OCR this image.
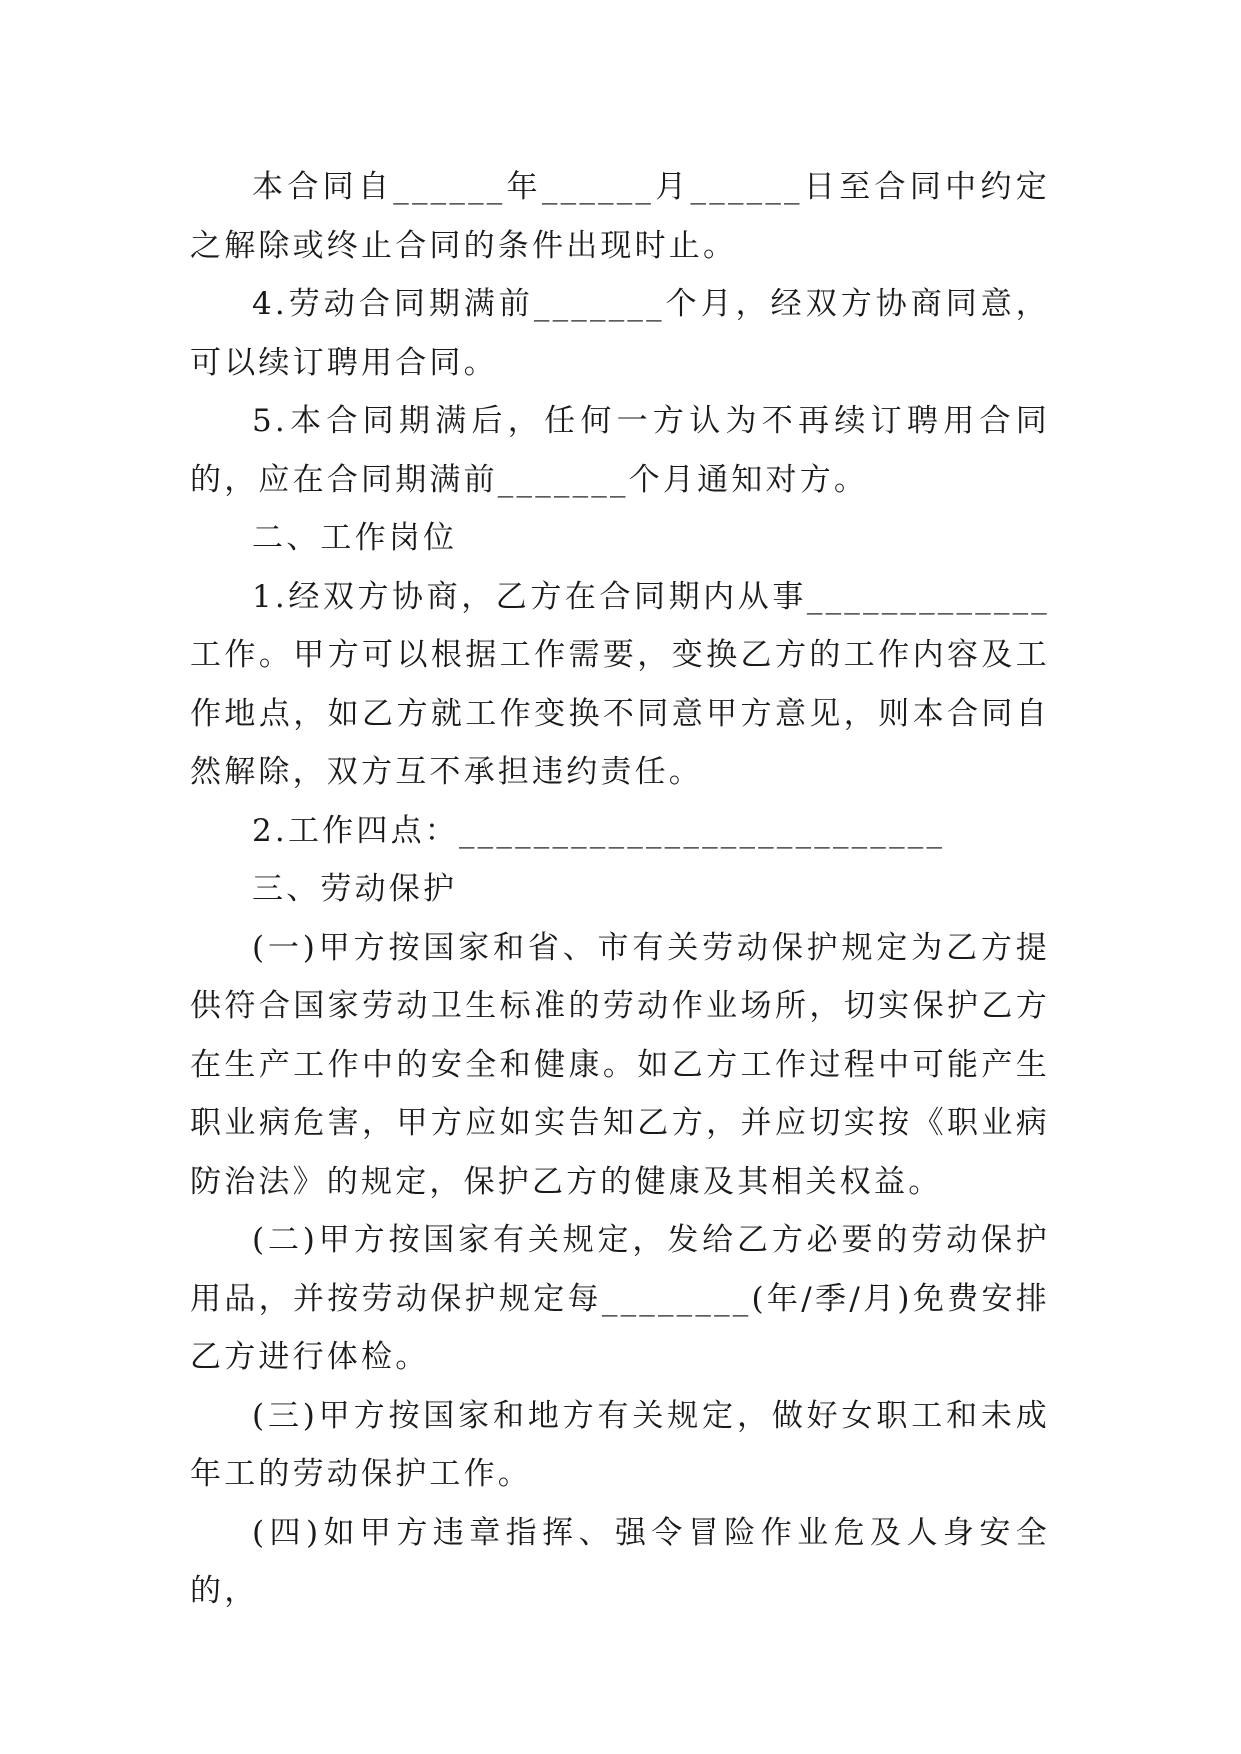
本合同自______年______月______日至合同中约定之解除或终止合同的条件出现时止。

4.劳动合同期满前_______个月，经双方协商同意，可以续订聘用合同。

5.本合同期满后，任何一方认为不再续订聘用合同的，应在合同期满前_______个月通知对方。

二、工作岗位

1.经双方协商，乙方在合同期内从事_____________工作。甲方可以根据工作需要，变换乙方的工作内容及工作地点，如乙方就工作变换不同意甲方意见，则本合同自然解除，双方互不承担违约责任。

2.工作四点：__________________________

三、劳动保护

(一)甲方按国家和省、市有关劳动保护规定为乙方提供符合国家劳动卫生标准的劳动作业场所，切实保护乙方在生产工作中的安全和健康。如乙方工作过程中可能产生职业病危害，甲方应如实告知乙方，并应切实按《职业病防治法》的规定，保护乙方的健康及其相关权益。

(二)甲方按国家有关规定，发给乙方必要的劳动保护用品，并按劳动保护规定每________(年/季/月)免费安排乙方进行体检。

(三)甲方按国家和地方有关规定，做好女职工和未成年工的劳动保护工作。

(四)如甲方违章指挥、强令冒险作业危及人身安全的，
